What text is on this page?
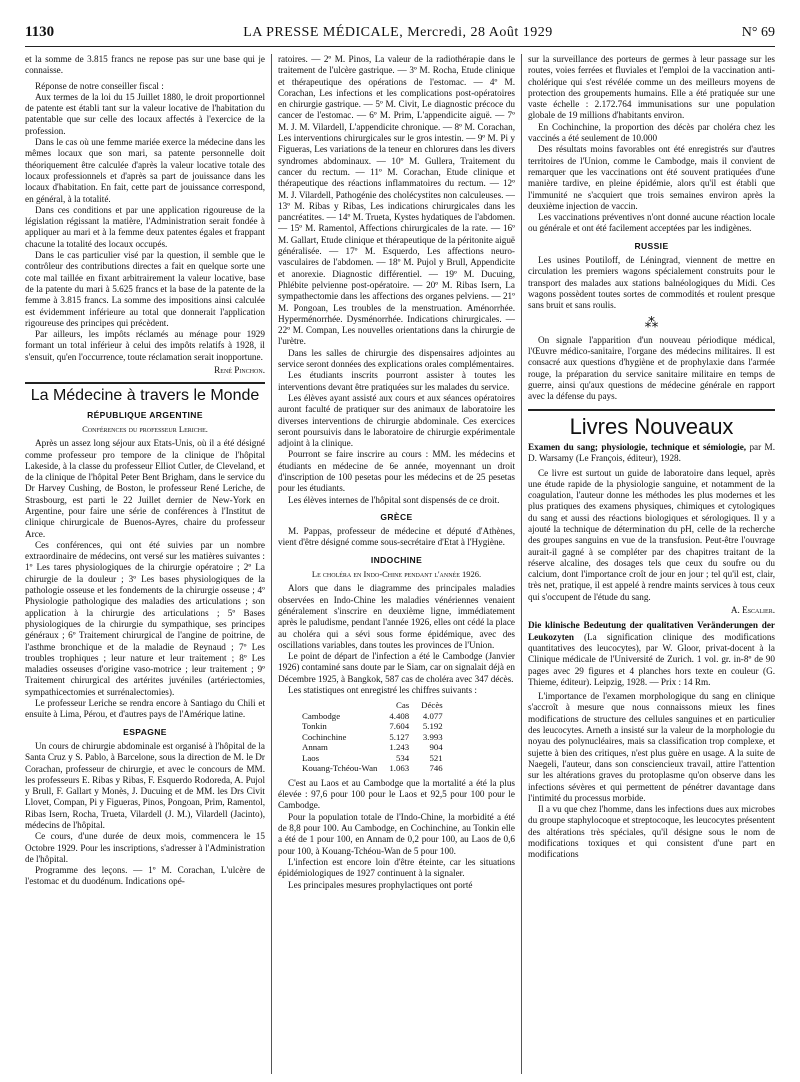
1130	LA PRESSE MÉDICALE, Mercredi, 28 Août 1929	N° 69

et la somme de 3.815 francs ne repose pas sur une base qui je connaisse.

Réponse de notre conseiller fiscal :

Aux termes de la loi du 15 Juillet 1880, le droit proportionnel de patente est établi tant sur la valeur locative de l'habitation du patentable que sur celle des locaux affectés à l'exercice de la profession.

Dans le cas où une femme mariée exerce la médecine dans les mêmes locaux que son mari, sa patente personnelle doit théoriquement être calculée d'après la valeur locative totale des locaux professionnels et d'après sa part de jouissance dans les locaux d'habitation. En fait, cette part de jouissance correspond, en général, à la totalité.

Dans ces conditions et par une application rigoureuse de la législation régissant la matière, l'Administration serait fondée à appliquer au mari et à la femme deux patentes égales et frappant chacune la totalité des locaux occupés.

Dans le cas particulier visé par la question, il semble que le contrôleur des contributions directes a fait en quelque sorte une cote mal taillée en fixant arbitrairement la valeur locative, base de la patente du mari à 5.625 francs et la base de la patente de la femme à 3.815 francs. La somme des impositions ainsi calculée est évidemment inférieure au total que donnerait l'application rigoureuse des principes qui précèdent.

Par ailleurs, les impôts réclamés au ménage pour 1929 formant un total inférieur à celui des impôts relatifs à 1928, il s'ensuit, qu'en l'occurrence, toute réclamation serait inopportune.

René Pinchon.
La Médecine à travers le Monde
RÉPUBLIQUE ARGENTINE
Conférences du professeur Leriche.

Après un assez long séjour aux Etats-Unis, où il a été désigné comme professeur pro tempore de la clinique de l'hôpital Lakeside, à la classe du professeur Elliot Cutler, de Cleveland, et de la clinique de l'hôpital Peter Bent Brigham, dans le service du Dr Harvey Cushing, de Boston, le professeur René Leriche, de Strasbourg, est parti le 22 Juillet dernier de New-York en Argentine, pour faire une série de conférences à l'Institut de clinique chirurgicale de Buenos-Ayres, chaire du professeur Arce.

Ces conférences, qui ont été suivies par un nombre extraordinaire de médecins, ont versé sur les matières suivantes : 1º Les tares physiologiques de la chirurgie opératoire ; 2º La chirurgie de la douleur ; 3º Les bases physiologiques de la pathologie osseuse et les fondements de la chirurgie osseuse ; 4º Physiologie pathologique des maladies des articulations ; son application à la chirurgie des articulations ; 5º Bases physiologiques de la chirurgie du sympathique, ses principes généraux ; 6º Traitement chirurgical de l'angine de poitrine, de l'asthme bronchique et de la maladie de Reynaud ; 7º Les troubles trophiques ; leur nature et leur traitement ; 8º Les maladies osseuses d'origine vaso-motrice ; leur traitement ; 9º Traitement chirurgical des artérites juvéniles (artériectomies, sympathicectomies et surrénalectomies).

Le professeur Leriche se rendra encore à Santiago du Chili et ensuite à Lima, Pérou, et d'autres pays de l'Amérique latine.

ESPAGNE

Un cours de chirurgie abdominale est organisé à l'hôpital de la Santa Cruz y S. Pablo, à Barcelone, sous la direction de M. le Dr Corachan, professeur de chirurgie, et avec le concours de MM. les professeurs E. Ribas y Ribas, F. Esquerdo Rodoreda, A. Pujol y Brull, F. Gallart y Monès, J. Ducuing et de MM. les Drs Civit Llovet, Compan, Pi y Figueras, Pinos, Pongoan, Prim, Ramentol, Ribas Isern, Rocha, Trueta, Vilardell (J. M.), Vilardell (Jacinto), médecins de l'hôpital.

Ce cours, d'une durée de deux mois, commencera le 15 Octobre 1929. Pour les inscriptions, s'adresser à l'Administration de l'hôpital.

Programme des leçons. — 1º M. Corachan, L'ulcère de l'estomac et du duodénum. Indications opé-

ratoires. — 2º M. Pinos, La valeur de la radiothérapie dans le traitement de l'ulcère gastrique. — 3º M. Rocha, Etude clinique et thérapeutique des opérations de l'estomac. — 4º M. Corachan, Les infections et les complications post-opératoires en chirurgie gastrique. — 5º M. Civit, Le diagnostic précoce du cancer de l'estomac. — 6º M. Prim, L'appendicite aiguë. — 7º M. J. M. Vilardell, L'appendicite chronique. — 8º M. Corachan, Les interventions chirurgicales sur le gros intestin. — 9º M. Pi y Figueras, Les variations de la teneur en chlorures dans les divers syndromes abdominaux. — 10º M. Gullera, Traitement du cancer du rectum. — 11º M. Corachan, Etude clinique et thérapeutique des réactions inflammatoires du rectum. — 12º M. J. Vilardell, Pathogénie des cholécystites non calculeuses. — 13º M. Ribas y Ribas, Les indications chirurgicales dans les pancréatites. — 14º M. Trueta, Kystes hydatiques de l'abdomen. — 15º M. Ramentol, Affections chirurgicales de la rate. — 16º M. Gallart, Etude clinique et thérapeutique de la péritonite aiguë généralisée. — 17º M. Esquerdo, Les affections neuro-vasculaires de l'abdomen. — 18º M. Pujol y Brull, Appendicite et anorexie. Diagnostic différentiel. — 19º M. Ducuing, Phlébite pelvienne post-opératoire. — 20º M. Ribas Isern, La sympathectomie dans les affections des organes pelviens. — 21º M. Pongoan, Les troubles de la menstruation. Aménorrhée. Hyperménorrhée. Dysménorrhée. Indications chirurgicales. — 22º M. Compan, Les nouvelles orientations dans la chirurgie de l'urètre.

Dans les salles de chirurgie des dispensaires adjointes au service seront données des explications orales complémentaires.

Les étudiants inscrits pourront assister à toutes les interventions devant être pratiquées sur les malades du service.

Les élèves ayant assisté aux cours et aux séances opératoires auront faculté de pratiquer sur des animaux de laboratoire les diverses interventions de chirurgie abdominale. Ces exercices seront poursuivis dans le laboratoire de chirurgie expérimentale adjoint à la clinique.

Pourront se faire inscrire au cours : MM. les médecins et étudiants en médecine de 6e année, moyennant un droit d'inscription de 100 pesetas pour les médecins et de 25 pesetas pour les étudiants.

Les élèves internes de l'hôpital sont dispensés de ce droit.

GRÈCE

M. Pappas, professeur de médecine et député d'Athènes, vient d'être désigné comme sous-secrétaire d'Etat à l'Hygiène.

INDOCHINE
Le choléra en Indo-Chine pendant l'année 1926.

Alors que dans le diagramme des principales maladies observées en Indo-Chine les maladies vénériennes venaient généralement s'inscrire en deuxième ligne, immédiatement après le paludisme, pendant l'année 1926, elles ont cédé la place au choléra qui a sévi sous forme épidémique, avec des oscillations variables, dans toutes les provinces de l'Union.

Le point de départ de l'infection a été le Cambodge (Janvier 1926) contaminé sans doute par le Siam, car on signalait déjà en Décembre 1925, à Bangkok, 587 cas de choléra avec 347 décès.

Les statistiques ont enregistré les chiffres suivants :

	Cas	Décès
Cambodge	4.408	4.077
Tonkin	7.604	5.192
Cochinchine	5.127	3.993
Annam	1.243	904
Laos	534	521
Kouang-Tchéou-Wan	1.063	746

C'est au Laos et au Cambodge que la mortalité a été la plus élevée : 97,6 pour 100 pour le Laos et 92,5 pour 100 pour le Cambodge.

Pour la population totale de l'Indo-Chine, la morbidité a été de 8,8 pour 100. Au Cambodge, en Cochinchine, au Tonkin elle a été de 1 pour 100, en Annam de 0,2 pour 100, au Laos de 0,6 pour 100, à Kouang-Tchéou-Wan de 5 pour 100.

L'infection est encore loin d'être éteinte, car les situations épidémiologiques de 1927 continuent à la signaler.

Les principales mesures prophylactiques ont porté

sur la surveillance des porteurs de germes à leur passage sur les routes, voies ferrées et fluviales et l'emploi de la vaccination anti-cholérique qui s'est révélée comme un des meilleurs moyens de protection des groupements humains. Elle a été pratiquée sur une vaste échelle : 2.172.764 immunisations sur une population globale de 19 millions d'habitants environ.

En Cochinchine, la proportion des décès par choléra chez les vaccinés a été seulement de 10.000

Des résultats moins favorables ont été enregistrés sur d'autres territoires de l'Union, comme le Cambodge, mais il convient de remarquer que les vaccinations ont été souvent pratiquées d'une manière tardive, en pleine épidémie, alors qu'il est établi que l'immunité ne s'acquiert que trois semaines environ après la deuxième injection de vaccin.

Les vaccinations préventives n'ont donné aucune réaction locale ou générale et ont été facilement acceptées par les indigènes.

RUSSIE

Les usines Poutiloff, de Léningrad, viennent de mettre en circulation les premiers wagons spécialement construits pour le transport des malades aux stations balnéologiques du Midi. Ces wagons possèdent toutes sortes de commodités et roulent presque sans bruit et sans roulis.

⁂

On signale l'apparition d'un nouveau périodique médical, l'Œuvre médico-sanitaire, l'organe des médecins militaires. Il est consacré aux questions d'hygiène et de prophylaxie dans l'armée rouge, la préparation du service sanitaire militaire en temps de guerre, ainsi qu'aux questions de médecine générale en rapport avec la défense du pays.

Livres Nouveaux

Examen du sang; physiologie, technique et sémiologie, par M. D. Warsamy (Le François, éditeur), 1928.

Ce livre est surtout un guide de laboratoire dans lequel, après une étude rapide de la physiologie sanguine, et notamment de la coagulation, l'auteur donne les méthodes les plus modernes et les plus pratiques des examens physiques, chimiques et cytologiques du sang et aussi des réactions biologiques et sérologiques. Il y a ajouté la technique de détermination du pH, celle de la recherche des groupes sanguins en vue de la transfusion. Peut-être l'ouvrage aurait-il gagné à se compléter par des chapitres traitant de la réserve alcaline, des dosages tels que ceux du soufre ou du calcium, dont l'importance croît de jour en jour ; tel qu'il est, clair, très net, pratique, il est appelé à rendre maints services à tous ceux qui s'occupent de l'étude du sang.

A. Escalier.

Die klinische Bedeutung der qualitativen Veränderungen der Leukozyten (La signification clinique des modifications quantitatives des leucocytes), par W. Gloor, privat-docent à la Clinique médicale de l'Université de Zurich. 1 vol. gr. in-8º de 90 pages avec 29 figures et 4 planches hors texte en couleur (G. Thieme, éditeur). Leipzig, 1928. — Prix : 14 Rm.

L'importance de l'examen morphologique du sang en clinique s'accroît à mesure que nous connaissons mieux les fines modifications de structure des cellules sanguines et en particulier des leucocytes. Arneth a insisté sur la valeur de la morphologie du noyau des polynucléaires, mais sa classification trop complexe, et sujette à bien des critiques, n'est plus guère en usage. A la suite de Naegeli, l'auteur, dans son consciencieux travail, attire l'attention sur les altérations graves du protoplasme qu'on observe dans les infections sévères et qui permettent de pénétrer davantage dans l'intimité du processus morbide.

Il a vu que chez l'homme, dans les infections dues aux microbes du groupe staphylocoque et streptocoque, les leucocytes présentent des altérations très spéciales, qu'il désigne sous le nom de modifications toxiques et qui consistent d'une part en modifications
